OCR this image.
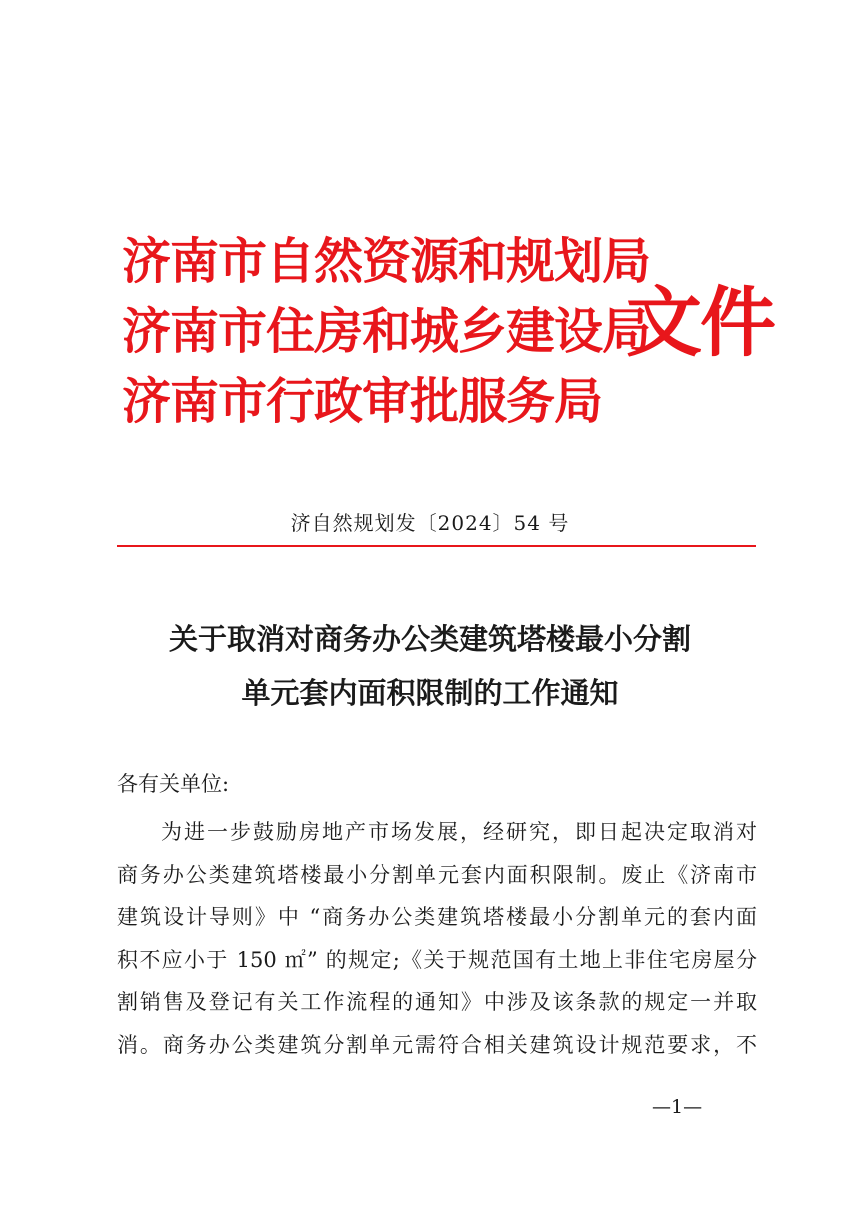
济南市自然资源和规划局
济南市住房和城乡建设局
济南市行政审批服务局
文件
济自然规划发〔2024〕54 号
关于取消对商务办公类建筑塔楼最小分割
单元套内面积限制的工作通知
各有关单位:
为进一步鼓励房地产市场发展，经研究，即日起决定取消对
商务办公类建筑塔楼最小分割单元套内面积限制。废止《济南市
建筑设计导则》中 “商务办公类建筑塔楼最小分割单元的套内面
积不应小于 150 ㎡” 的规定;《关于规范国有土地上非住宅房屋分
割销售及登记有关工作流程的通知》中涉及该条款的规定一并取
消。商务办公类建筑分割单元需符合相关建筑设计规范要求，不
—1—
